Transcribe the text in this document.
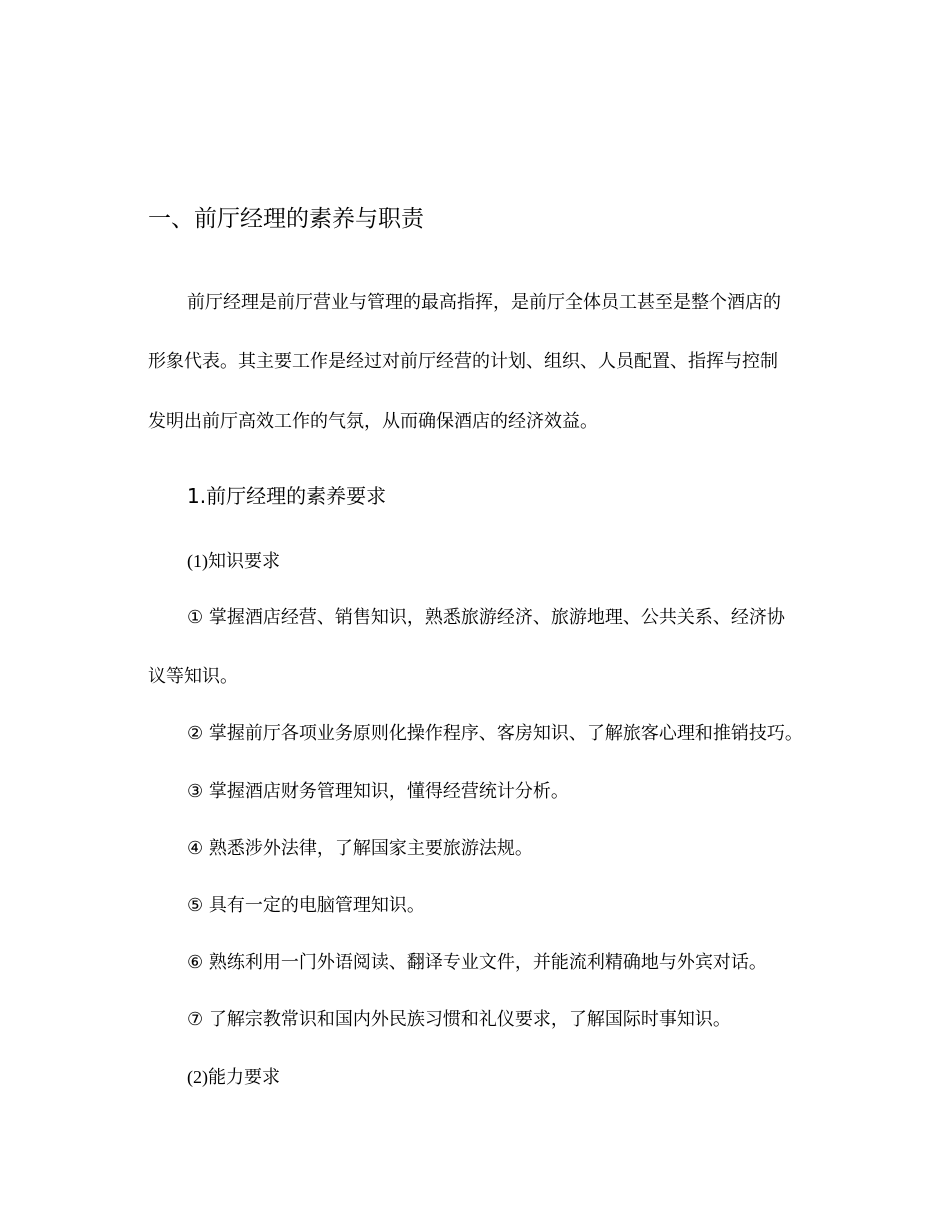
一、前厅经理的素养与职责
前厅经理是前厅营业与管理的最高指挥，是前厅全体员工甚至是整个酒店的
形象代表。其主要工作是经过对前厅经营的计划、组织、人员配置、指挥与控制
发明出前厅高效工作的气氛，从而确保酒店的经济效益。
1.前厅经理的素养要求
(1)知识要求
① 掌握酒店经营、销售知识，熟悉旅游经济、旅游地理、公共关系、经济协
议等知识。
② 掌握前厅各项业务原则化操作程序、客房知识、了解旅客心理和推销技巧。
③ 掌握酒店财务管理知识，懂得经营统计分析。
④ 熟悉涉外法律，了解国家主要旅游法规。
⑤ 具有一定的电脑管理知识。
⑥ 熟练利用一门外语阅读、翻译专业文件，并能流利精确地与外宾对话。
⑦ 了解宗教常识和国内外民族习惯和礼仪要求，了解国际时事知识。
(2)能力要求
